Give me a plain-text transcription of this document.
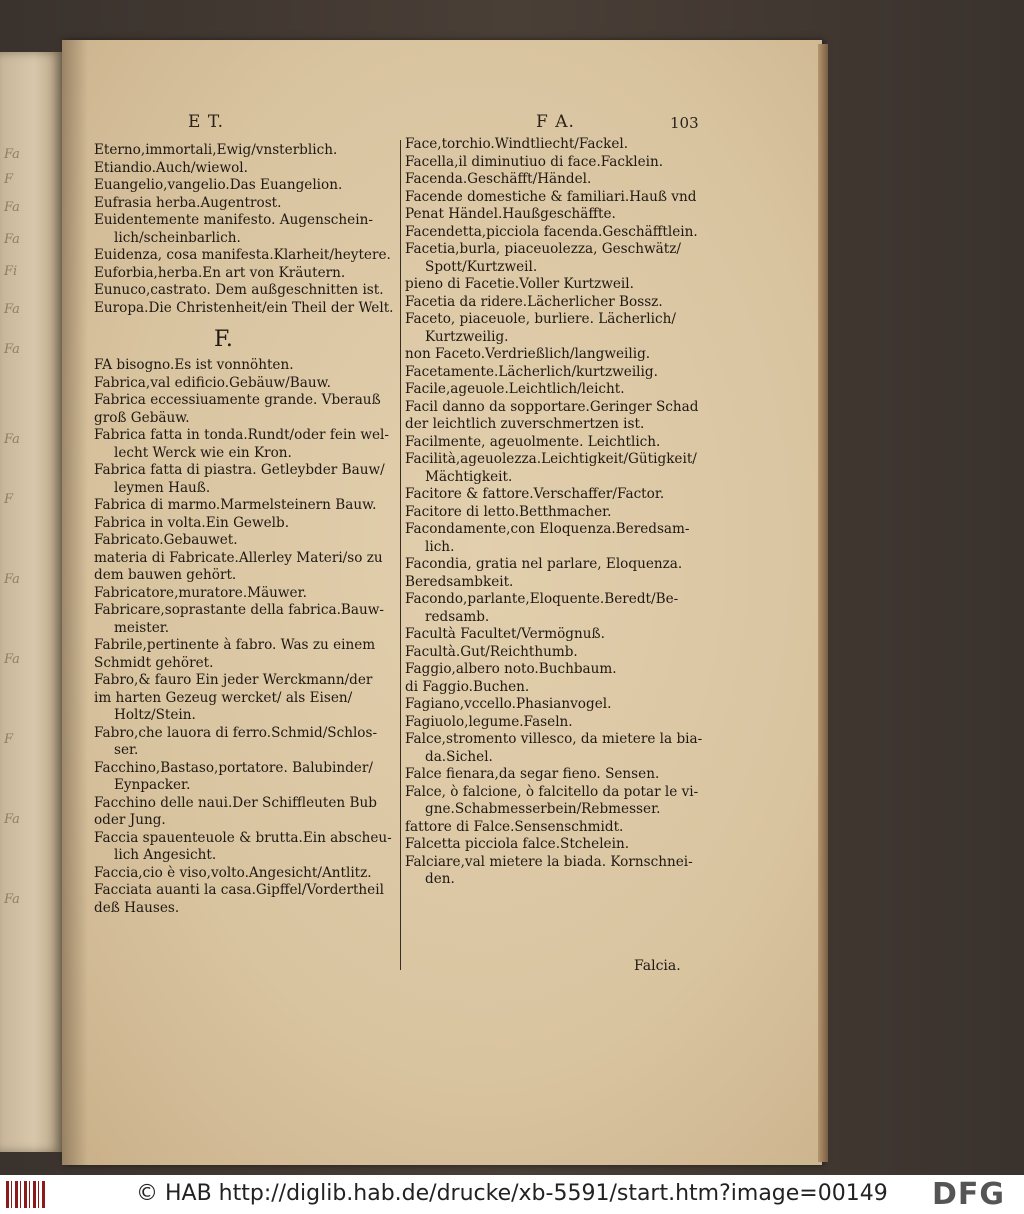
Fa
F
Fa
Fa
Fi
Fa
Fa
Fa
F
Fa
Fa
F
Fa
Fa
E T.	F A.	103
Eterno,immortali,Ewig/vnsterblich.
Etiandio.Auch/wiewol.
Euangelio,vangelio.Das Euangelion.
Eufrasia herba.Augentrost.
Euidentemente manifesto. Augenschein-
lich/scheinbarlich.
Euidenza, cosa manifesta.Klarheit/heytere.
Euforbia,herba.En art von Kräutern.
Eunuco,castrato. Dem außgeschnitten ist.
Europa.Die Christenheit/ein Theil der Welt.
F.
FA bisogno.Es ist vonnöhten.
Fabrica,val edificio.Gebäuw/Bauw.
Fabrica eccessiuamente grande. Vberauß
groß Gebäuw.
Fabrica fatta in tonda.Rundt/oder fein wel-
lecht Werck wie ein Kron.
Fabrica fatta di piastra. Getleybder Bauw/
leymen Hauß.
Fabrica di marmo.Marmelsteinern Bauw.
Fabrica in volta.Ein Gewelb.
Fabricato.Gebauwet.
materia di Fabricate.Allerley Materi/so zu
dem bauwen gehört.
Fabricatore,muratore.Mäuwer.
Fabricare,soprastante della fabrica.Bauw-
meister.
Fabrile,pertinente à fabro. Was zu einem
Schmidt gehöret.
Fabro,& fauro Ein jeder Werckmann/der
im harten Gezeug wercket/ als Eisen/
Holtz/Stein.
Fabro,che lauora di ferro.Schmid/Schlos-
ser.
Facchino,Bastaso,portatore. Balubinder/
Eynpacker.
Facchino delle naui.Der Schiffleuten Bub
oder Jung.
Faccia spauenteuole & brutta.Ein abscheu-
lich Angesicht.
Faccia,cio è viso,volto.Angesicht/Antlitz.
Facciata auanti la casa.Gipffel/Vordertheil
deß Hauses.
Face,torchio.Windtliecht/Fackel.
Facella,il diminutiuo di face.Facklein.
Facenda.Geschäfft/Händel.
Facende domestiche & familiari.Hauß vnd
Penat Händel.Haußgeschäffte.
Facendetta,picciola facenda.Geschäfftlein.
Facetia,burla, piaceuolezza, Geschwätz/
Spott/Kurtzweil.
pieno di Facetie.Voller Kurtzweil.
Facetia da ridere.Lächerlicher Bossz.
Faceto, piaceuole, burliere. Lächerlich/
Kurtzweilig.
non Faceto.Verdrießlich/langweilig.
Facetamente.Lächerlich/kurtzweilig.
Facile,ageuole.Leichtlich/leicht.
Facil danno da sopportare.Geringer Schad
der leichtlich zuverschmertzen ist.
Facilmente, ageuolmente. Leichtlich.
Facilità,ageuolezza.Leichtigkeit/Gütigkeit/
Mächtigkeit.
Facitore & fattore.Verschaffer/Factor.
Facitore di letto.Betthmacher.
Facondamente,con Eloquenza.Beredsam-
lich.
Facondia, gratia nel parlare, Eloquenza.
Beredsambkeit.
Facondo,parlante,Eloquente.Beredt/Be-
redsamb.
Facultà Facultet/Vermögnuß.
Facultà.Gut/Reichthumb.
Faggio,albero noto.Buchbaum.
di Faggio.Buchen.
Fagiano,vccello.Phasianvogel.
Fagiuolo,legume.Faseln.
Falce,stromento villesco, da mietere la bia-
da.Sichel.
Falce fienara,da segar fieno. Sensen.
Falce, ò falcione, ò falcitello da potar le vi-
gne.Schabmesserbein/Rebmesser.
fattore di Falce.Sensenschmidt.
Falcetta picciola falce.Stchelein.
Falciare,val mietere la biada. Kornschnei-
den.
Falcia.
© HAB http://diglib.hab.de/drucke/xb-5591/start.htm?image=00149 DFG
